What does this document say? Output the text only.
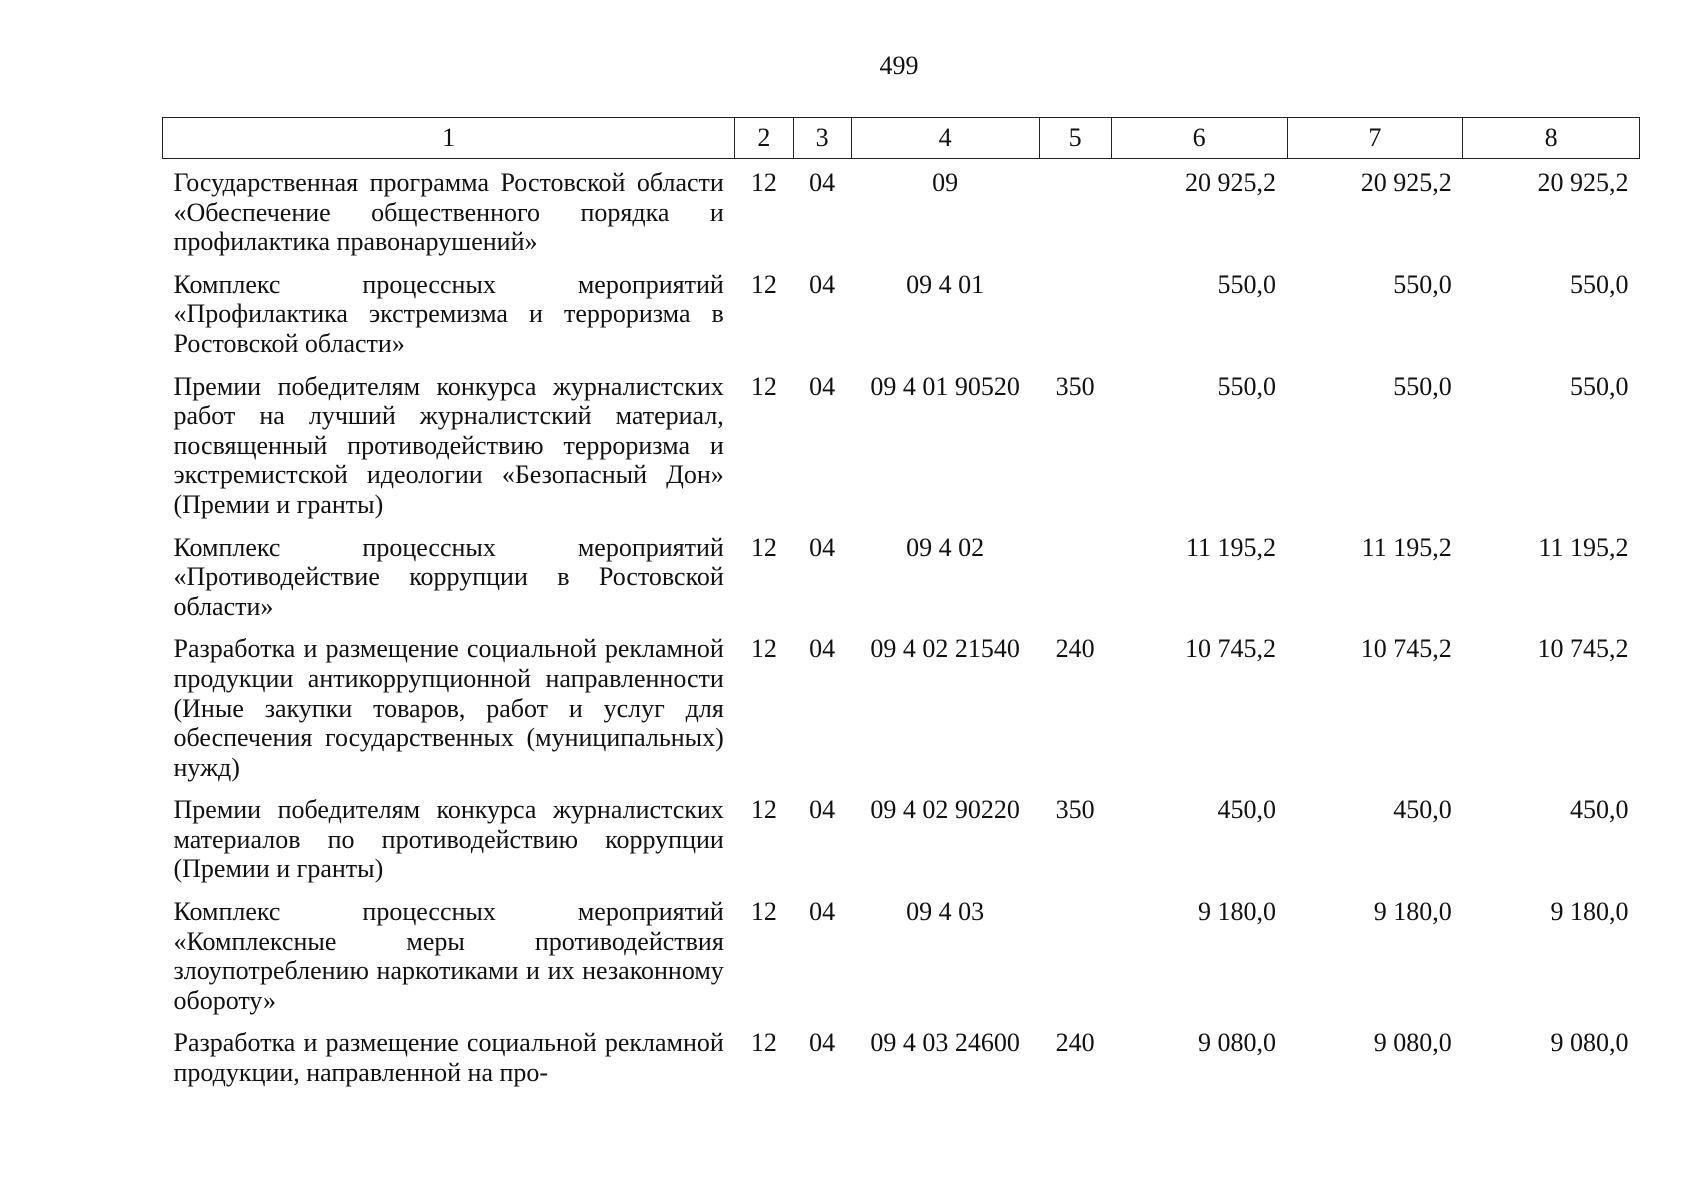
499
1	2	3	4	5	6	7	8
Государственная программа Ростовской области «Обеспечение общественного порядка и профилактика правонарушений»	12	04	09		20 925,2	20 925,2	20 925,2
Комплекс процессных мероприятий «Профилактика экстремизма и терроризма в Ростовской области»	12	04	09 4 01		550,0	550,0	550,0
Премии победителям конкурса журналистских работ на лучший журналистский материал, посвященный противодействию терроризма и экстремистской идеологии «Безопасный Дон» (Премии и гранты)	12	04	09 4 01 90520	350	550,0	550,0	550,0
Комплекс процессных мероприятий «Противодействие коррупции в Ростовской области»	12	04	09 4 02		11 195,2	11 195,2	11 195,2
Разработка и размещение социальной рекламной продукции антикоррупционной направленности (Иные закупки товаров, работ и услуг для обеспечения государственных (муниципальных) нужд)	12	04	09 4 02 21540	240	10 745,2	10 745,2	10 745,2
Премии победителям конкурса журналистских материалов по противодействию коррупции (Премии и гранты)	12	04	09 4 02 90220	350	450,0	450,0	450,0
Комплекс процессных мероприятий «Комплексные меры противодействия злоупотреблению наркотиками и их незаконному обороту»	12	04	09 4 03		9 180,0	9 180,0	9 180,0
Разработка и размещение социальной рекламной продукции, направленной на про-	12	04	09 4 03 24600	240	9 080,0	9 080,0	9 080,0
